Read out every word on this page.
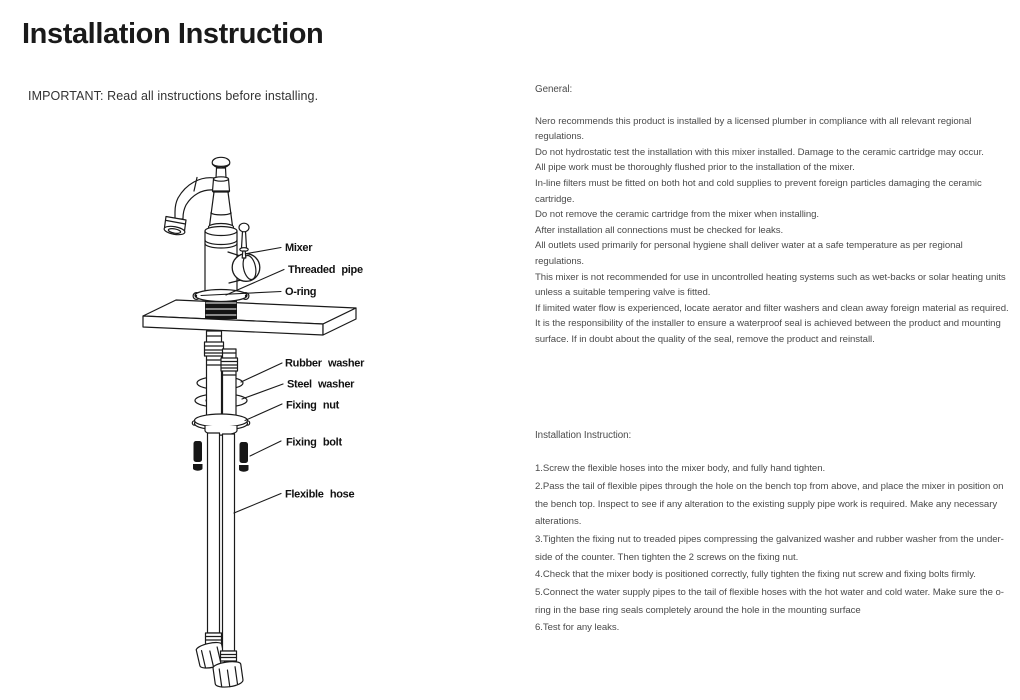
Installation Instruction
IMPORTANT: Read all instructions before installing.
Mixer
Threaded pipe
O-ring
Rubber washer
Steel washer
Fixing nut
Fixing bolt
Flexible hose
General:

Nero recommends this product is installed by a licensed plumber in compliance with all relevant regional regulations.

Do not hydrostatic test the installation with this mixer installed. Damage to the ceramic cartridge may occur.

All pipe work must be thoroughly flushed prior to the installation of the mixer.

In-line filters must be fitted on both hot and cold supplies to prevent foreign particles damaging the ceramic cartridge.

Do not remove the ceramic cartridge from the mixer when installing.

After installation all connections must be checked for leaks.

All outlets used primarily for personal hygiene shall deliver water at a safe temperature as per regional regulations.

This mixer is not recommended for use in uncontrolled heating systems such as wet-backs or solar heating units unless a suitable tempering valve is fitted.

If limited water flow is experienced, locate aerator and filter washers and clean away foreign material as required.

It is the responsibility of the installer to ensure a waterproof seal is achieved between the product and mounting surface. If in doubt about the quality of the seal, remove the product and reinstall.

Installation Instruction:

1.Screw the flexible hoses into the mixer body, and fully hand tighten.

2.Pass the tail of flexible pipes through the hole on the bench top from above, and place the mixer in position on the bench top. Inspect to see if any alteration to the existing supply pipe work is required. Make any necessary alterations.

3.Tighten the fixing nut to treaded pipes compressing the galvanized washer and rubber washer from the under-side of the counter. Then tighten the 2 screws on the fixing nut.

4.Check that the mixer body is positioned correctly, fully tighten the fixing nut screw and fixing bolts firmly.

5.Connect the water supply pipes to the tail of flexible hoses with the hot water and cold water. Make sure the o-ring in the base ring seals completely around the hole in the mounting surface

6.Test for any leaks.
